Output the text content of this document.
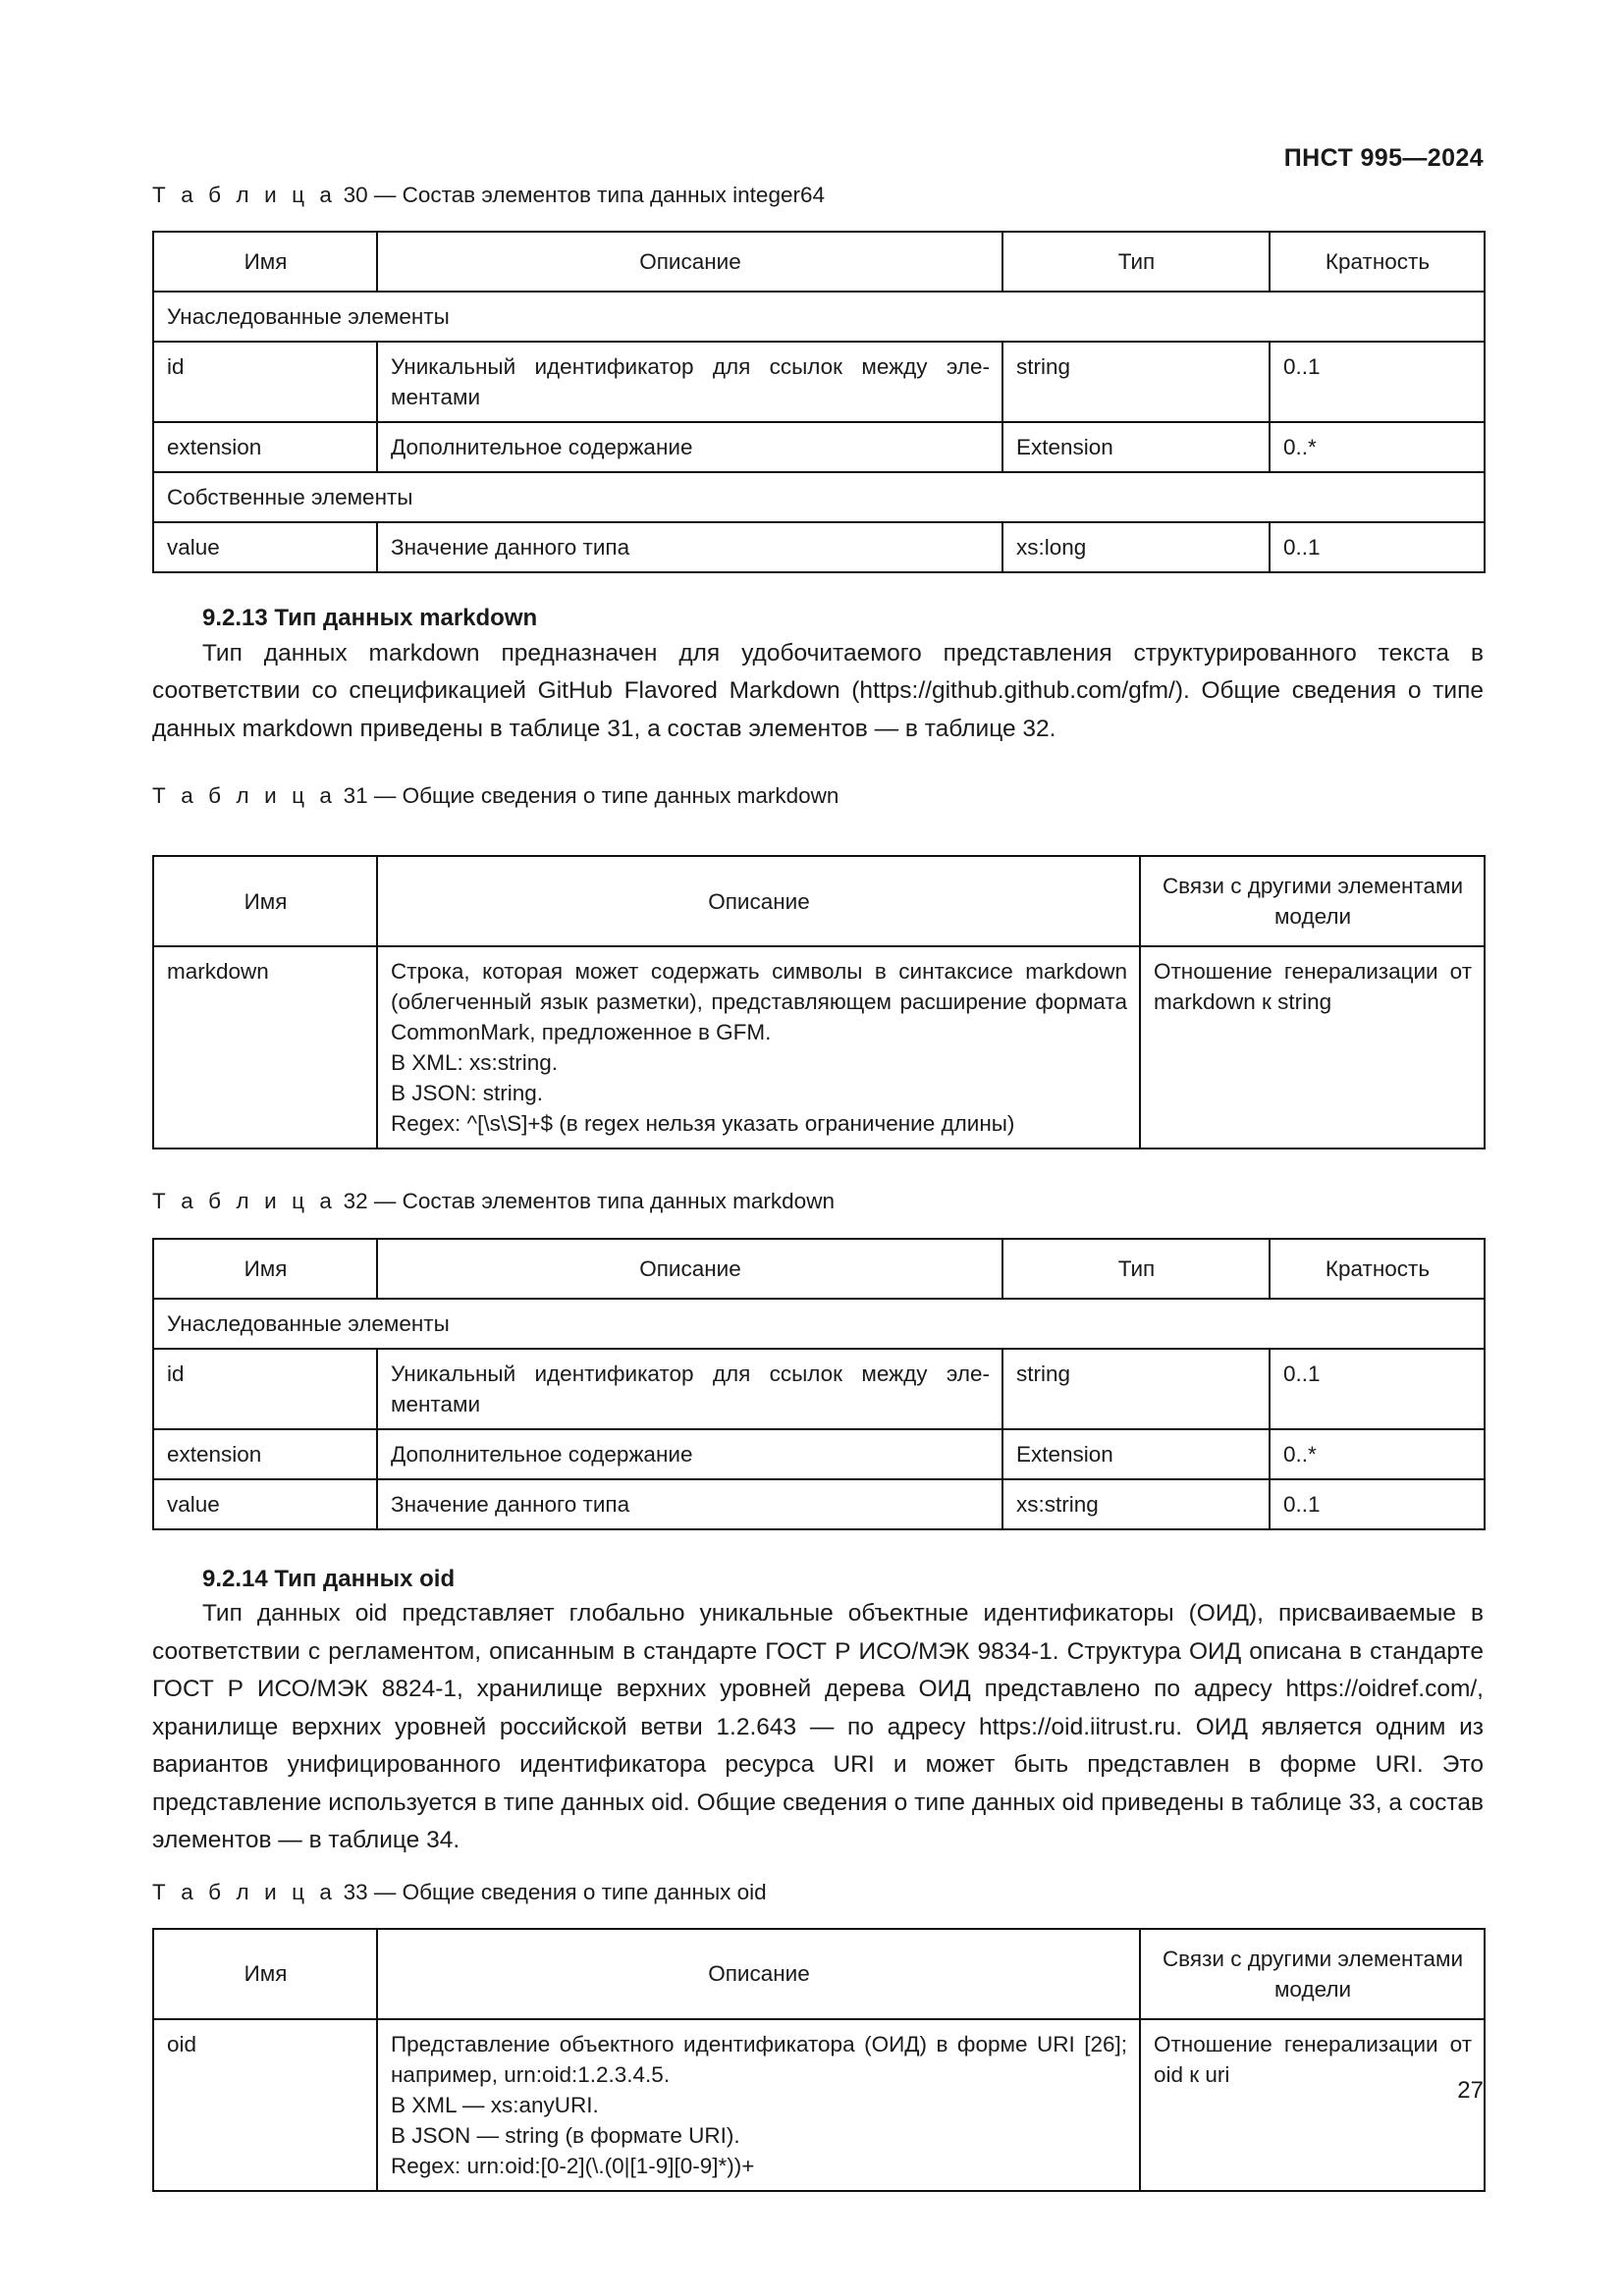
ПНСТ 995—2024

Т а б л и ц а 30 — Состав элементов типа данных integer64

Имя	Описание	Тип	Кратность
Унаследованные элементы			
id	Уникальный идентификатор для ссылок между элементами	string	0..1
extension	Дополнительное содержание	Extension	0..*
Собственные элементы			
value	Значение данного типа	xs:long	0..1
9.2.13 Тип данных markdown

Тип данных markdown предназначен для удобочитаемого представления структурированного текста в соответствии со спецификацией GitHub Flavored Markdown (https://github.github.com/gfm/). Общие сведения о типе данных markdown приведены в таблице 31, а состав элементов — в таблице 32.

Т а б л и ц а 31 — Общие сведения о типе данных markdown

Имя	Описание	Связи с другими элементами модели
markdown	Строка, которая может содержать символы в синтаксисе markdown (облегченный язык разметки), представляющем расширение формата CommonMark, предложенное в GFM.
В XML: xs:string.
В JSON: string.
Regex: ^[\s\S]+$ (в regex нельзя указать ограничение длины)	Отношение генерализации от markdown к string

Т а б л и ц а 32 — Состав элементов типа данных markdown

Имя	Описание	Тип	Кратность
Унаследованные элементы			
id	Уникальный идентификатор для ссылок между элементами	string	0..1
extension	Дополнительное содержание	Extension	0..*
value	Значение данного типа	xs:string	0..1
9.2.14 Тип данных oid

Тип данных oid представляет глобально уникальные объектные идентификаторы (ОИД), присваиваемые в соответствии с регламентом, описанным в стандарте ГОСТ Р ИСО/МЭК 9834-1. Структура ОИД описана в стандарте ГОСТ Р ИСО/МЭК 8824-1, хранилище верхних уровней дерева ОИД представлено по адресу https://oidref.com/, хранилище верхних уровней российской ветви 1.2.643 — по адресу https://oid.iitrust.ru. ОИД является одним из вариантов унифицированного идентификатора ресурса URI и может быть представлен в форме URI. Это представление используется в типе данных oid. Общие сведения о типе данных oid приведены в таблице 33, а состав элементов — в таблице 34.

Т а б л и ц а 33 — Общие сведения о типе данных oid

Имя	Описание	Связи с другими элементами модели
oid	Представление объектного идентификатора (ОИД) в форме URI [26]; например, urn:oid:1.2.3.4.5.
В XML — xs:anyURI.
В JSON — string (в формате URI).
Regex: urn:oid:[0-2](\.(0|[1-9][0-9]*))+	Отношение генерализации от oid к uri
27
